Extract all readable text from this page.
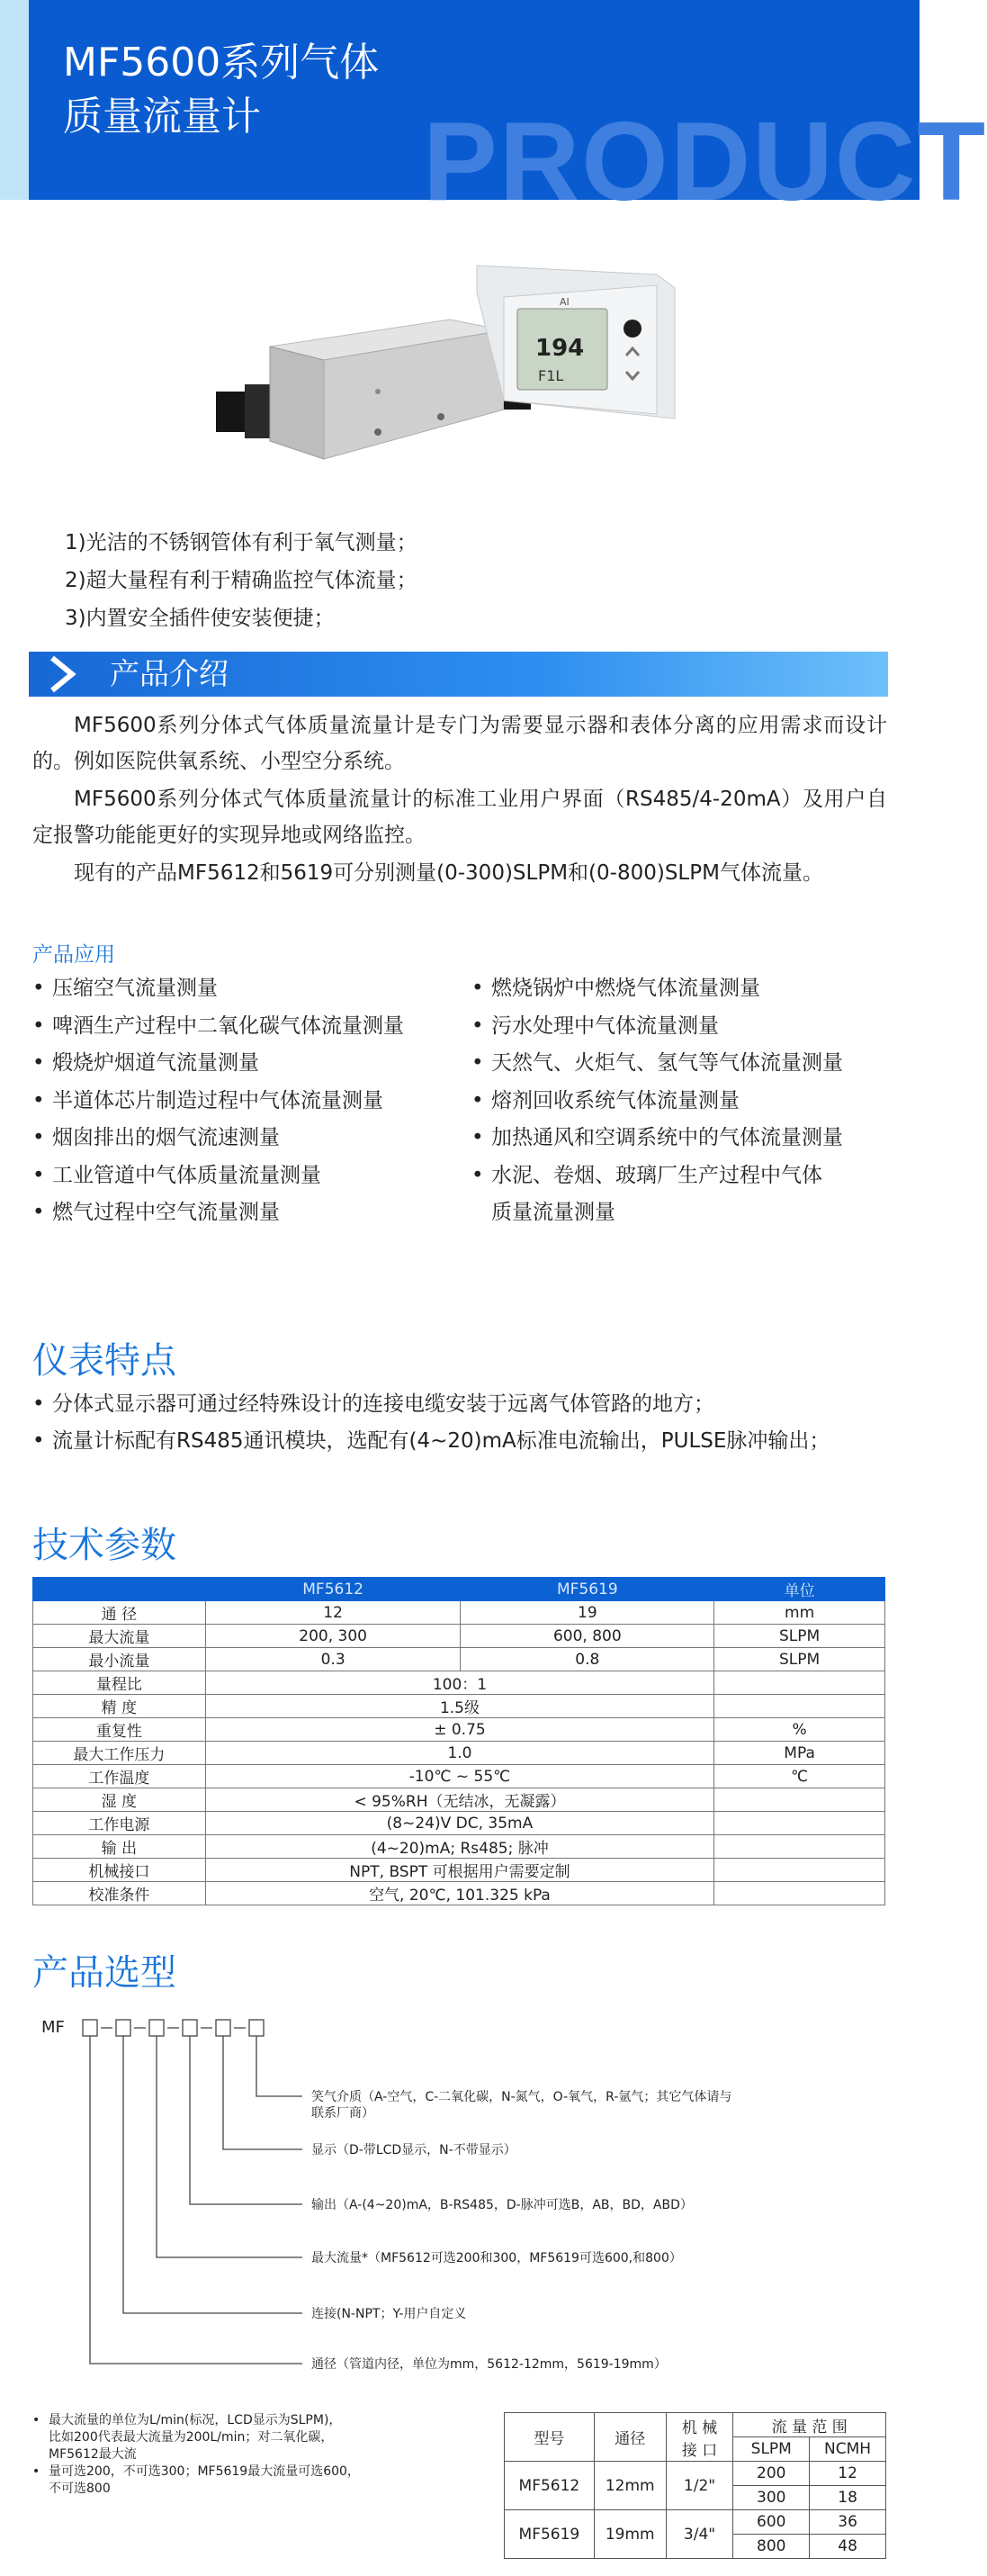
PRODUCT
MF5600系列气体
质量流量计
AI
194
F1L
1)光洁的不锈钢管体有利于氧气测量；
2)超大量程有利于精确监控气体流量；
3)内置安全插件使安装便捷；
产品介绍
MF5600系列分体式气体质量流量计是专门为需要显示器和表体分离的应用需求而设计的。例如医院供氧系统、小型空分系统。
MF5600系列分体式气体质量流量计的标准工业用户界面（RS485/4-20mA）及用户自定报警功能能更好的实现异地或网络监控。
现有的产品MF5612和5619可分别测量(0-300)SLPM和(0-800)SLPM气体流量。
产品应用
• 压缩空气流量测量
• 啤酒生产过程中二氧化碳气体流量测量
• 煅烧炉烟道气流量测量
• 半道体芯片制造过程中气体流量测量
• 烟囱排出的烟气流速测量
• 工业管道中气体质量流量测量
• 燃气过程中空气流量测量
• 燃烧锅炉中燃烧气体流量测量
• 污水处理中气体流量测量
• 天然气、火炬气、氢气等气体流量测量
• 熔剂回收系统气体流量测量
• 加热通风和空调系统中的气体流量测量
• 水泥、卷烟、玻璃厂生产过程中气体
质量流量测量
仪表特点
• 分体式显示器可通过经特殊设计的连接电缆安装于远离气体管路的地方；
• 流量计标配有RS485通讯模块，选配有(4~20)mA标准电流输出，PULSE脉冲输出；
技术参数
	MF5612	MF5619	单位
通 径	12	19	mm
最大流量	200, 300	600, 800	SLPM
最小流量	0.3	0.8	SLPM
量程比	100：1		
精 度	1.5级		
重复性	± 0.75		%
最大工作压力	1.0		MPa
工作温度	-10℃ ~ 55℃		℃
湿 度	< 95%RH（无结冰，无凝露）		
工作电源	(8~24)V DC, 35mA		
输 出	(4~20)mA; Rs485; 脉冲		
机械接口	NPT, BSPT 可根据用户需要定制		
校准条件	空气, 20℃, 101.325 kPa		
产品选型
MF
笑气介质（A-空气，C-二氧化碳，N-氮气，O-氧气，R-氩气；其它气体请与
联系厂商）
显示（D-带LCD显示，N-不带显示）
输出（A-(4~20)mA，B-RS485，D-脉冲可选B，AB，BD，ABD）
最大流量*（MF5612可选200和300，MF5619可选600,和800）
连接(N-NPT；Y-用户自定义
通径（管道内径，单位为mm，5612-12mm，5619-19mm）
• 最大流量的单位为L/min(标况，LCD显示为SLPM)，
比如200代表最大流量为200L/min；对二氧化碳，
MF5612最大流
• 量可选200，不可选300；MF5619最大流量可选600，
不可选800
型号	通径	机 械
接 口	流 量 范 围	
			SLPM	NCMH
MF5612	12mm	1/2"	200	12
			300	18
MF5619	19mm	3/4"	600	36
			800	48
